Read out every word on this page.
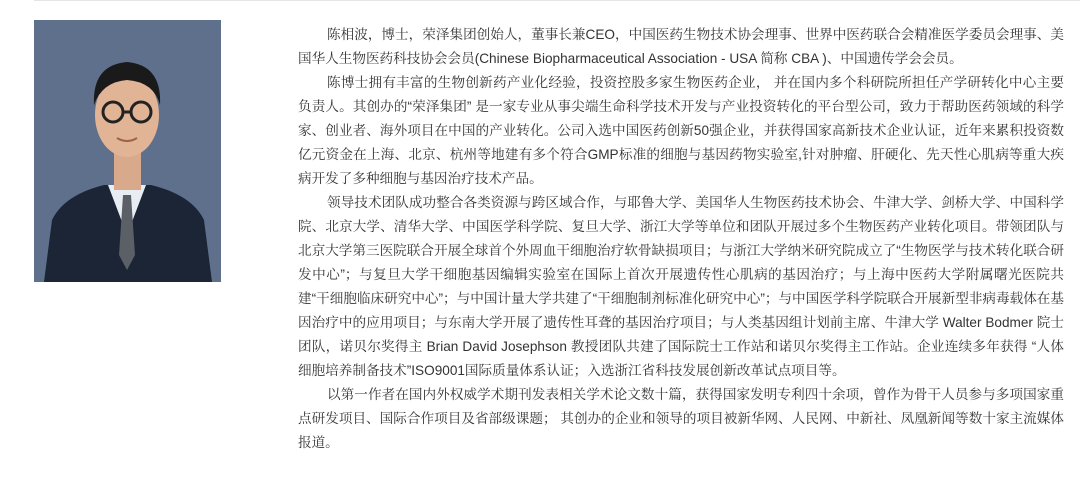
陈相波，博士，荣泽集团创始人，董事长兼CEO，中国医药生物技术协会理事、世界中医药联合会精准医学委员会理事、美国华人生物医药科技协会会员(Chinese Biopharmaceutical Association - USA 简称 CBA )、中国遗传学会会员。

陈博士拥有丰富的生物创新药产业化经验，投资控股多家生物医药企业， 并在国内多个科研院所担任产学研转化中心主要负责人。其创办的“荣泽集团” 是一家专业从事尖端生命科学技术开发与产业投资转化的平台型公司，致力于帮助医药领域的科学家、创业者、海外项目在中国的产业转化。公司入选中国医药创新50强企业，并获得国家高新技术企业认证，近年来累积投资数亿元资金在上海、北京、杭州等地建有多个符合GMP标准的细胞与基因药物实验室,针对肿瘤、肝硬化、先天性心肌病等重大疾病开发了多种细胞与基因治疗技术产品。

领导技术团队成功整合各类资源与跨区域合作，与耶鲁大学、美国华人生物医药技术协会、牛津大学、剑桥大学、中国科学院、北京大学、清华大学、中国医学科学院、复旦大学、浙江大学等单位和团队开展过多个生物医药产业转化项目。带领团队与北京大学第三医院联合开展全球首个外周血干细胞治疗软骨缺损项目；与浙江大学纳米研究院成立了“生物医学与技术转化联合研发中心”；与复旦大学干细胞基因编辑实验室在国际上首次开展遗传性心肌病的基因治疗；与上海中医药大学附属曙光医院共建“干细胞临床研究中心”；与中国计量大学共建了“干细胞制剂标准化研究中心”；与中国医学科学院联合开展新型非病毒载体在基因治疗中的应用项目；与东南大学开展了遗传性耳聋的基因治疗项目；与人类基因组计划前主席、牛津大学 Walter Bodmer 院士团队，诺贝尔奖得主 Brian David Josephson 教授团队共建了国际院士工作站和诺贝尔奖得主工作站。企业连续多年获得 “人体细胞培养制备技术”ISO9001国际质量体系认证；入选浙江省科技发展创新改革试点项目等。

以第一作者在国内外权威学术期刊发表相关学术论文数十篇，获得国家发明专利四十余项，曾作为骨干人员参与多项国家重点研发项目、国际合作项目及省部级课题； 其创办的企业和领导的项目被新华网、人民网、中新社、凤凰新闻等数十家主流媒体报道。
